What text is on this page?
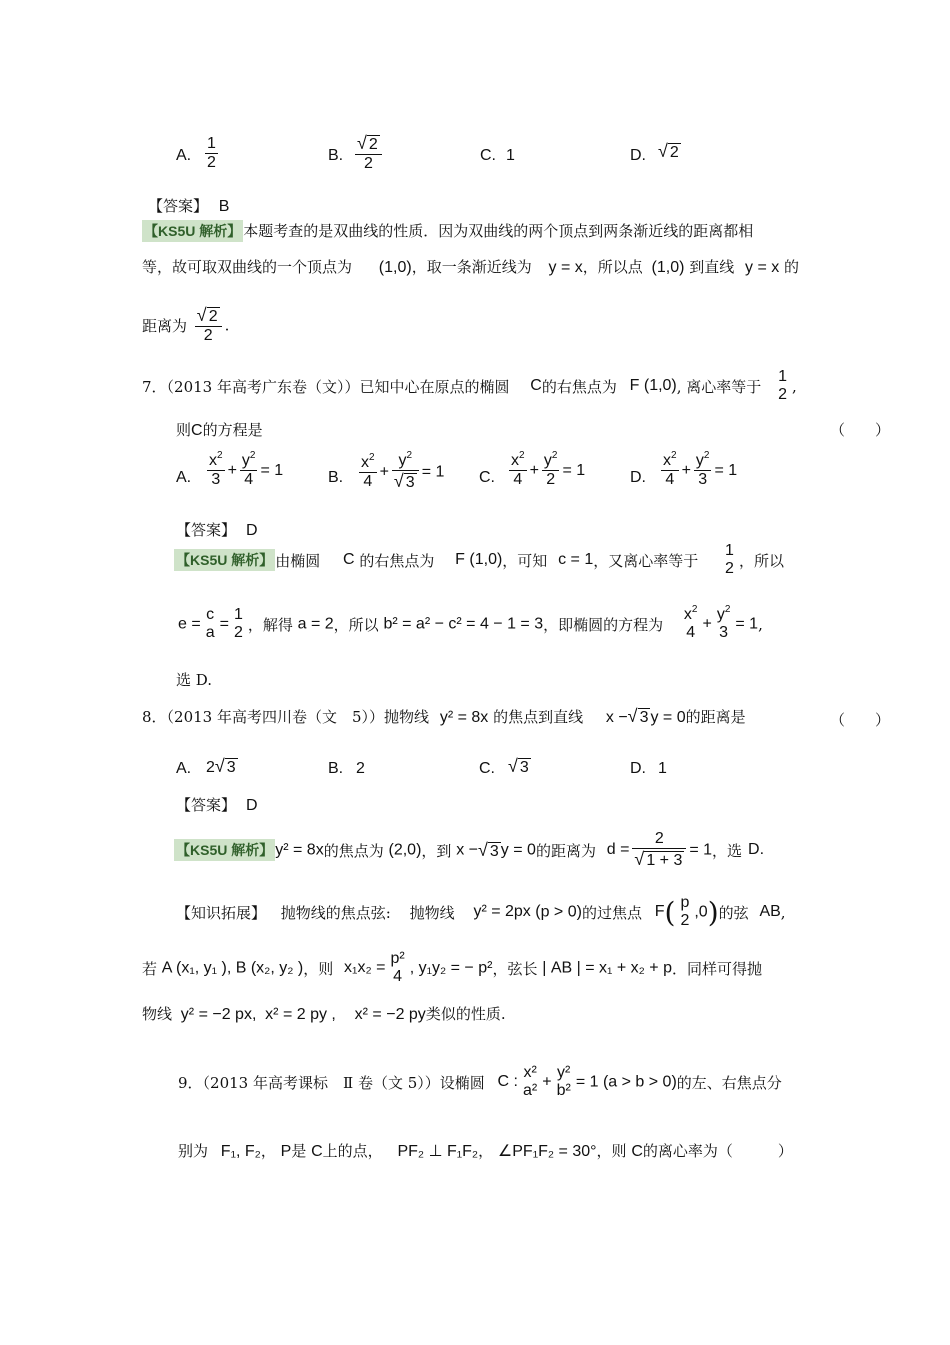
A. $\frac{1}{2}$	B. $\frac{√ 2}{2}$	C. 1	D. √ 2
【答案】 B
【KS5U 解析】 本题考查的是双曲线的性质．因为双曲线的两个顶点到两条渐近线的距离都相
等，故可取双曲线的一个顶点为 (1,0)，取一条渐近线为 y = x，所以点 (1,0) 到直线 y = x 的
距离为 $\frac{√ 2}{2}$ .
7．（2013 年高考广东卷（文））已知中心在原点的椭圆 C的右焦点为 F (1,0), 离心率等于
1
2 ,
则C的方程是	（　　）
A. $\frac{x^2}{3} + \frac{y^2}{4} = 1$	B. $\frac{x^2}{4} + \frac{y^2}{√ 3} = 1$ C. $\frac{x^2}{4} + \frac{y^2}{2} = 1$	D. $\frac{x^2}{4} + \frac{y^2}{3} = 1$
【答案】 D
【KS5U 解析】 由椭圆 C 的右焦点为 F (1,0)，可知 c = 1，又离心率等于
1
2 ，所以
e =
c
a
=
1
2 ，解得 a = 2，所以 b² = a² − c² = 4 − 1 = 3，即椭圆的方程为
$x^2$
4
+
$y^2$
3
= 1,
选 D.
8．（2013 年高考四川卷（文　5））抛物线 y² = 8x 的焦点到直线 x −√ 3 y = 0的距离是	（　　）
A. 2√ 3	B. 2	C. √ 3	D. 1
【答案】 D
【KS5U 解析】 y² = 8x的焦点为 (2,0)，到 x −√ 3 y = 0的距离为 $d = \frac{2}{√ 1 + 3} = 1$，选 D.
【知识拓展】 抛物线的焦点弦: 抛物线 y² = 2px (p > 0)的过焦点 F( p
2
,0)的弦 AB,
若 A (x₁, y₁ ), B (x₂, y₂ )，则 x₁x₂ =
p²
4
, y₁y₂ = − p²，弦长 | AB | = x₁ + x₂ + p．同样可得抛
物线 y² = −2 px, x² = 2 py , x² = −2 py类似的性质.
9．（2013 年高考课标　Ⅱ 卷（文 5））设椭圆 C :
x²
a²
+
y²
b²
= 1 (a > b > 0)的左、右焦点分
别为 F₁, F₂， P是 C上的点， PF₂ ⊥ F₁F₂， ∠PF₁F₂ = 30°，则 C的离心率为（　　　）
